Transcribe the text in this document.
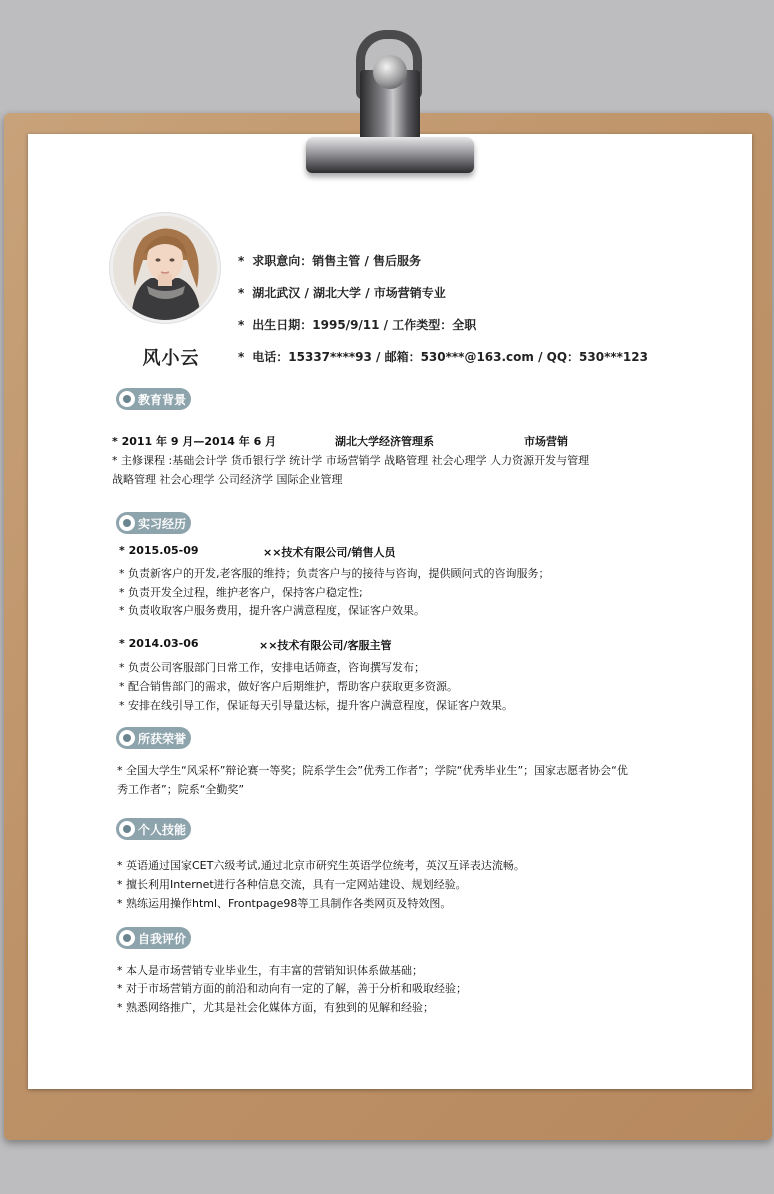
风小云
* 求职意向：销售主管 / 售后服务
* 湖北武汉 / 湖北大学 / 市场营销专业
* 出生日期：1995/9/11 / 工作类型：全职
* 电话：15337****93 / 邮箱：530***@163.com / QQ：530***123
教育背景
* 2011 年 9 月—2014 年 6 月	湖北大学经济管理系	市场营销
* 主修课程 :基础会计学 货币银行学 统计学 市场营销学 战略管理 社会心理学 人力资源开发与管理
战略管理 社会心理学 公司经济学 国际企业管理
实习经历
* 2015.05-09	××技术有限公司/销售人员
* 负责新客户的开发,老客服的维持；负责客户与的接待与咨询，提供顾问式的咨询服务；
* 负责开发全过程，维护老客户，保持客户稳定性;
* 负责收取客户服务费用，提升客户满意程度，保证客户效果。
* 2014.03-06	××技术有限公司/客服主管
* 负责公司客服部门日常工作，安排电话筛查，咨询撰写发布；
* 配合销售部门的需求，做好客户后期维护，帮助客户获取更多资源。
* 安排在线引导工作，保证每天引导量达标，提升客户满意程度，保证客户效果。
所获荣誉
* 全国大学生“风采杯”辩论赛一等奖；院系学生会”优秀工作者”；学院“优秀毕业生”；国家志愿者协会“优
秀工作者”；院系“全勤奖”
个人技能
* 英语通过国家CET六级考试,通过北京市研究生英语学位统考，英汉互译表达流畅。
* 擅长利用Internet进行各种信息交流，具有一定网站建设、规划经验。
* 熟练运用操作html、Frontpage98等工具制作各类网页及特效图。
自我评价
* 本人是市场营销专业毕业生，有丰富的营销知识体系做基础；
* 对于市场营销方面的前沿和动向有一定的了解，善于分析和吸取经验；
* 熟悉网络推广，尤其是社会化媒体方面，有独到的见解和经验；
